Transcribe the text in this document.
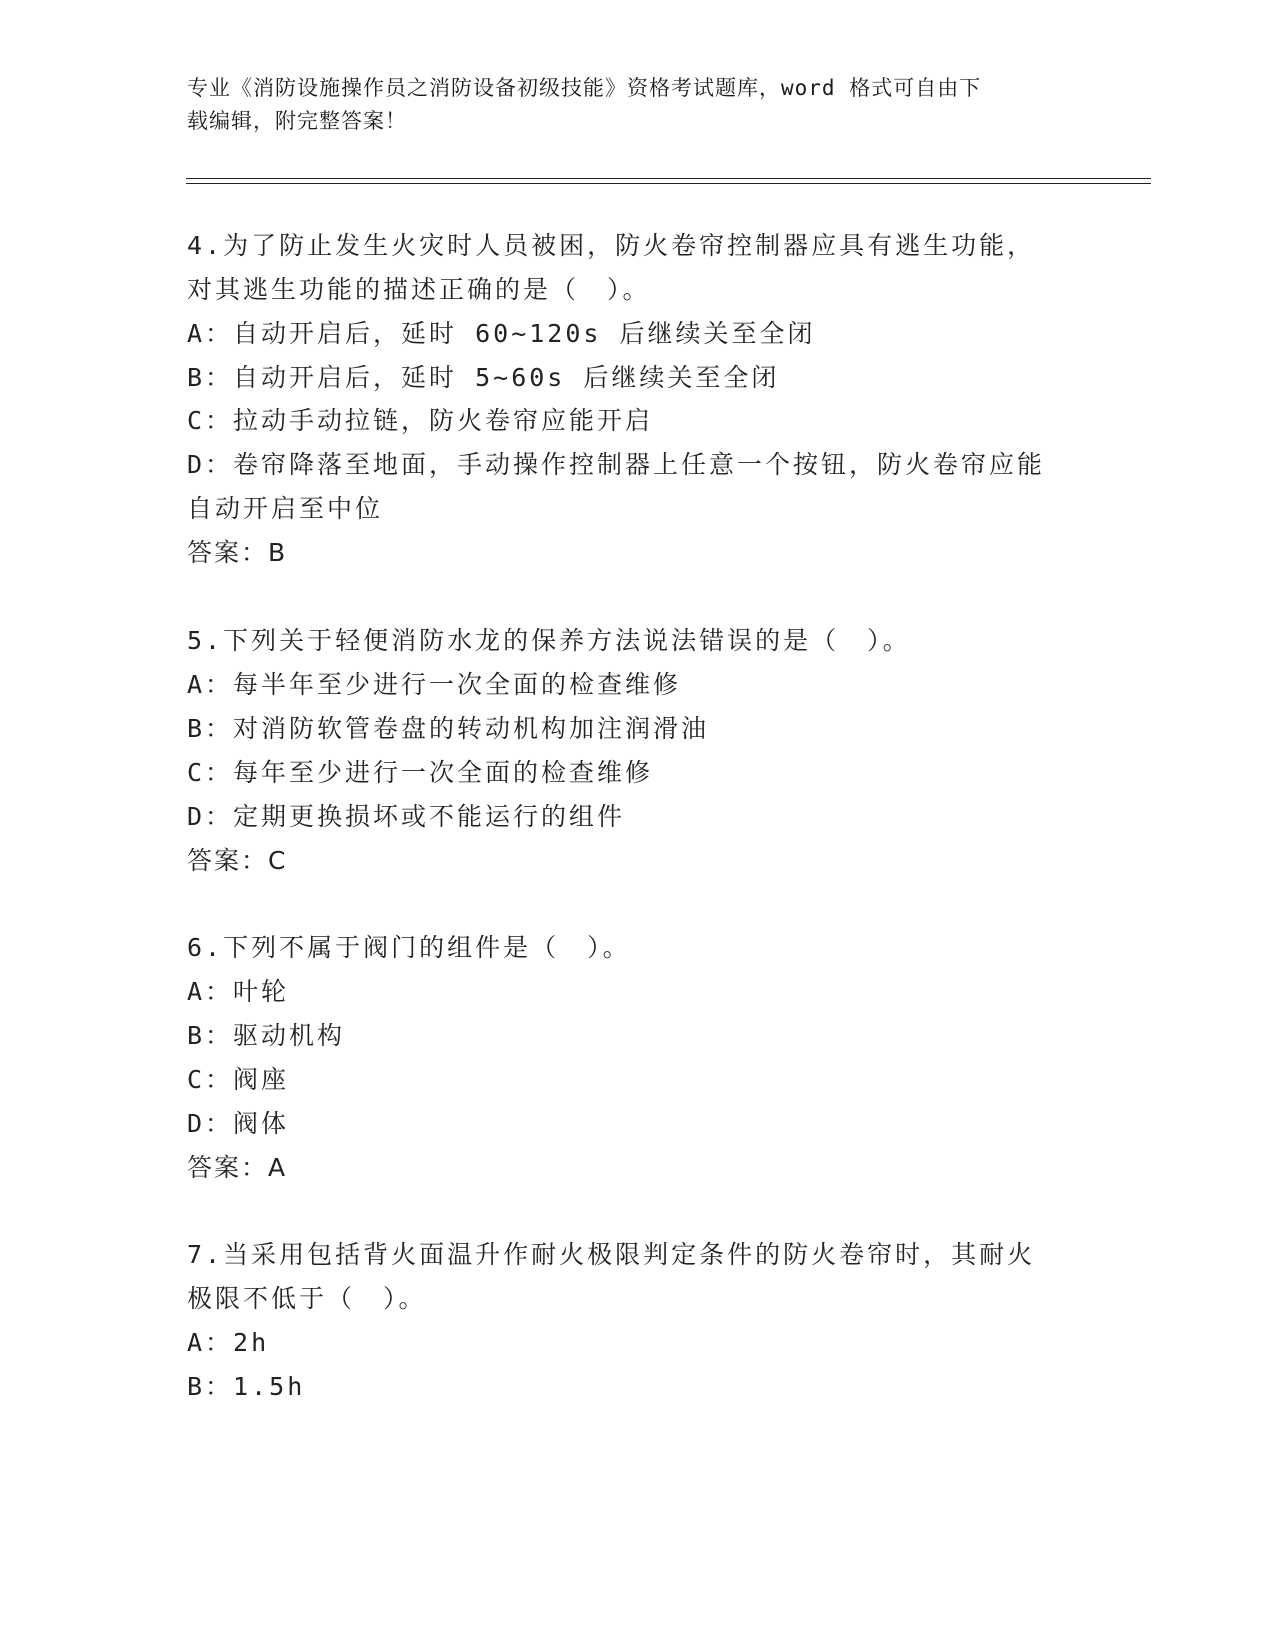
专业《消防设施操作员之消防设备初级技能》资格考试题库，word 格式可自由下
载编辑，附完整答案！
4.为了防止发生火灾时人员被困，防火卷帘控制器应具有逃生功能，
对其逃生功能的描述正确的是（　）。
A：自动开启后，延时 60~120s 后继续关至全闭
B：自动开启后，延时 5~60s 后继续关至全闭
C：拉动手动拉链，防火卷帘应能开启
D：卷帘降落至地面，手动操作控制器上任意一个按钮，防火卷帘应能
自动开启至中位
答案：B
5.下列关于轻便消防水龙的保养方法说法错误的是（　）。
A：每半年至少进行一次全面的检查维修
B：对消防软管卷盘的转动机构加注润滑油
C：每年至少进行一次全面的检查维修
D：定期更换损坏或不能运行的组件
答案：C
6.下列不属于阀门的组件是（　）。
A：叶轮
B：驱动机构
C：阀座
D：阀体
答案：A
7.当采用包括背火面温升作耐火极限判定条件的防火卷帘时，其耐火
极限不低于（　）。
A：2h
B：1.5h
